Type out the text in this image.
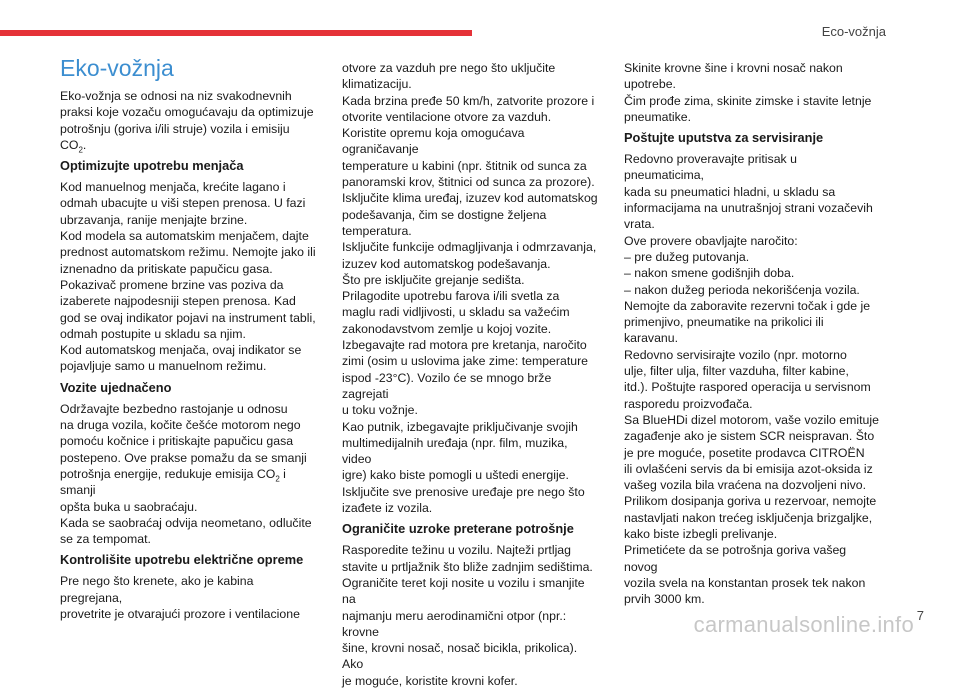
Eco-vožnja
Eko-vožnja

Eko-vožnja se odnosi na niz svakodnevnih
praksi koje vozaču omogućavaju da optimizuje
potrošnju (goriva i/ili struje) vozila i emisiju $CO_2$.

Optimizujte upotrebu menjača

Kod manuelnog menjača, krećite lagano i
odmah ubacujte u viši stepen prenosa. U fazi
ubrzavanja, ranije menjajte brzine.
Kod modela sa automatskim menjačem, dajte
prednost automatskom režimu. Nemojte jako ili
iznenadno da pritiskate papučicu gasa.
Pokazivač promene brzine vas poziva da
izaberete najpodesniji stepen prenosa. Kad
god se ovaj indikator pojavi na instrument tabli,
odmah postupite u skladu sa njim.
Kod automatskog menjača, ovaj indikator se
pojavljuje samo u manuelnom režimu.

Vozite ujednačeno

Održavajte bezbedno rastojanje u odnosu
na druga vozila, kočite češće motorom nego
pomoću kočnice i pritiskajte papučicu gasa
postepeno. Ove prakse pomažu da se smanji
potrošnja energije, redukuje emisija $CO_2$ i smanji
opšta buka u saobraćaju.
Kada se saobraćaj odvija neometano, odlučite
se za tempomat.

Kontrolišite upotrebu električne opreme

Pre nego što krenete, ako je kabina pregrejana,
provetrite je otvarajući prozore i ventilacione

otvore za vazduh pre nego što uključite
klimatizaciju.
Kada brzina pređe 50 km/h, zatvorite prozore i
otvorite ventilacione otvore za vazduh.
Koristite opremu koja omogućava ograničavanje
temperature u kabini (npr. štitnik od sunca za
panoramski krov, štitnici od sunca za prozore).
Isključite klima uređaj, izuzev kod automatskog
podešavanja, čim se dostigne željena
temperatura.
Isključite funkcije odmagljivanja i odmrzavanja,
izuzev kod automatskog podešavanja.
Što pre isključite grejanje sedišta.
Prilagodite upotrebu farova i/ili svetla za
maglu radi vidljivosti, u skladu sa važećim
zakonodavstvom zemlje u kojoj vozite.
Izbegavajte rad motora pre kretanja, naročito
zimi (osim u uslovima jake zime: temperature
ispod -23°C). Vozilo će se mnogo brže zagrejati
u toku vožnje.
Kao putnik, izbegavajte priključivanje svojih
multimedijalnih uređaja (npr. film, muzika, video
igre) kako biste pomogli u uštedi energije.
Isključite sve prenosive uređaje pre nego što
izađete iz vozila.

Ograničite uzroke preterane potrošnje

Rasporedite težinu u vozilu. Najteži prtljag
stavite u prtljažnik što bliže zadnjim sedištima.
Ograničite teret koji nosite u vozilu i smanjite na
najmanju meru aerodinamični otpor (npr.: krovne
šine, krovni nosač, nosač bicikla, prikolica). Ako
je moguće, koristite krovni kofer.

Skinite krovne šine i krovni nosač nakon
upotrebe.
Čim prođe zima, skinite zimske i stavite letnje
pneumatike.

Poštujte uputstva za servisiranje

Redovno proveravajte pritisak u pneumaticima,
kada su pneumatici hladni, u skladu sa
informacijama na unutrašnjoj strani vozačevih
vrata.
Ove provere obavljajte naročito:
– pre dužeg putovanja.
– nakon smene godišnjih doba.
– nakon dužeg perioda nekorišćenja vozila.
Nemojte da zaboravite rezervni točak i gde je
primenjivo, pneumatike na prikolici ili karavanu.
Redovno servisirajte vozilo (npr. motorno
ulje, filter ulja, filter vazduha, filter kabine,
itd.). Poštujte raspored operacija u servisnom
rasporedu proizvođača.
Sa BlueHDi dizel motorom, vaše vozilo emituje
zagađenje ako je sistem SCR neispravan. Što
je pre moguće, posetite prodavca CITROËN
ili ovlašćeni servis da bi emisija azot-oksida iz
vašeg vozila bila vraćena na dozvoljeni nivo.
Prilikom dosipanja goriva u rezervoar, nemojte
nastavljati nakon trećeg isključenja brizgaljke,
kako biste izbegli prelivanje.
Primetićete da se potrošnja goriva vašeg novog
vozila svela na konstantan prosek tek nakon
prvih 3000 km.

carmanualsonline.info 7
